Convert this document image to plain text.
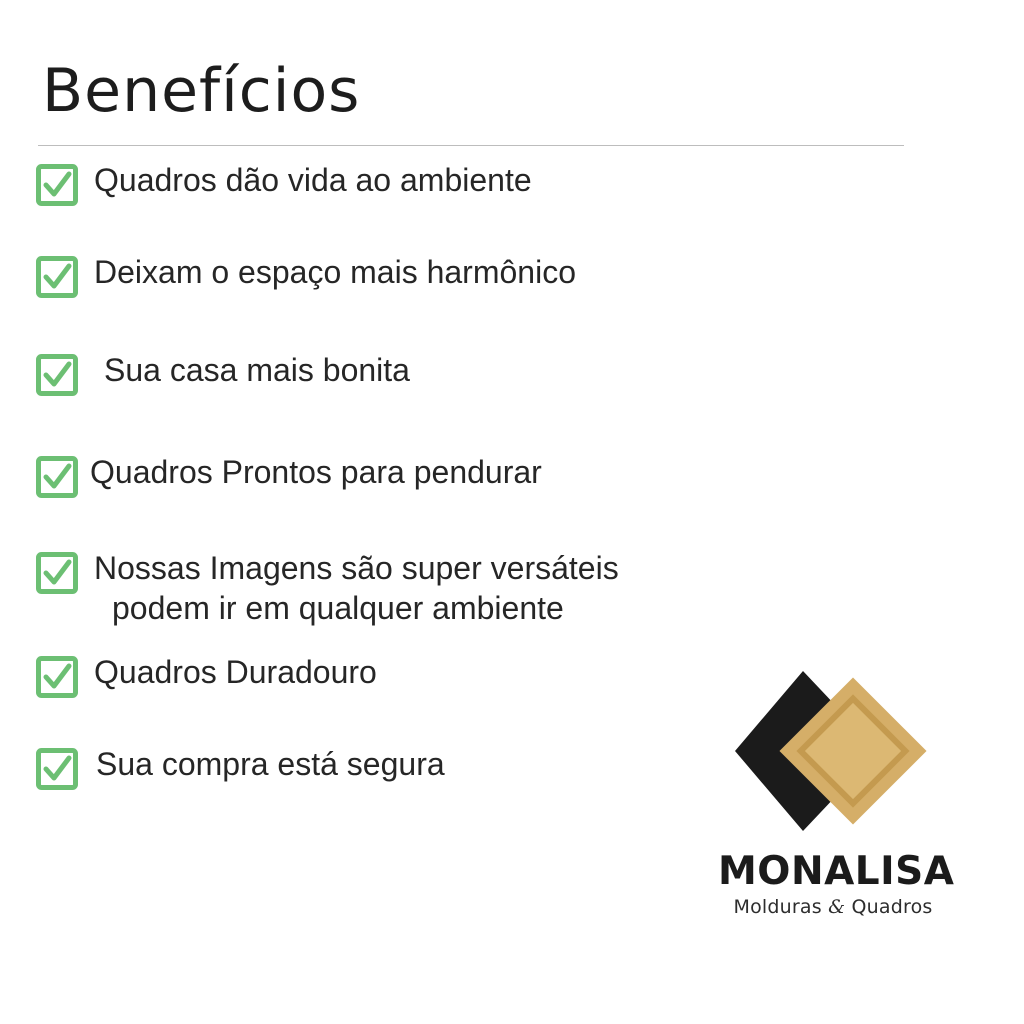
Benefícios
Quadros dão vida ao ambiente
Deixam o espaço mais harmônico
Sua casa mais bonita
Quadros Prontos para pendurar
Nossas Imagens são super versáteis
podem ir em qualquer ambiente
Quadros Duradouro
Sua compra está segura
MONALISA
Molduras & Quadros
